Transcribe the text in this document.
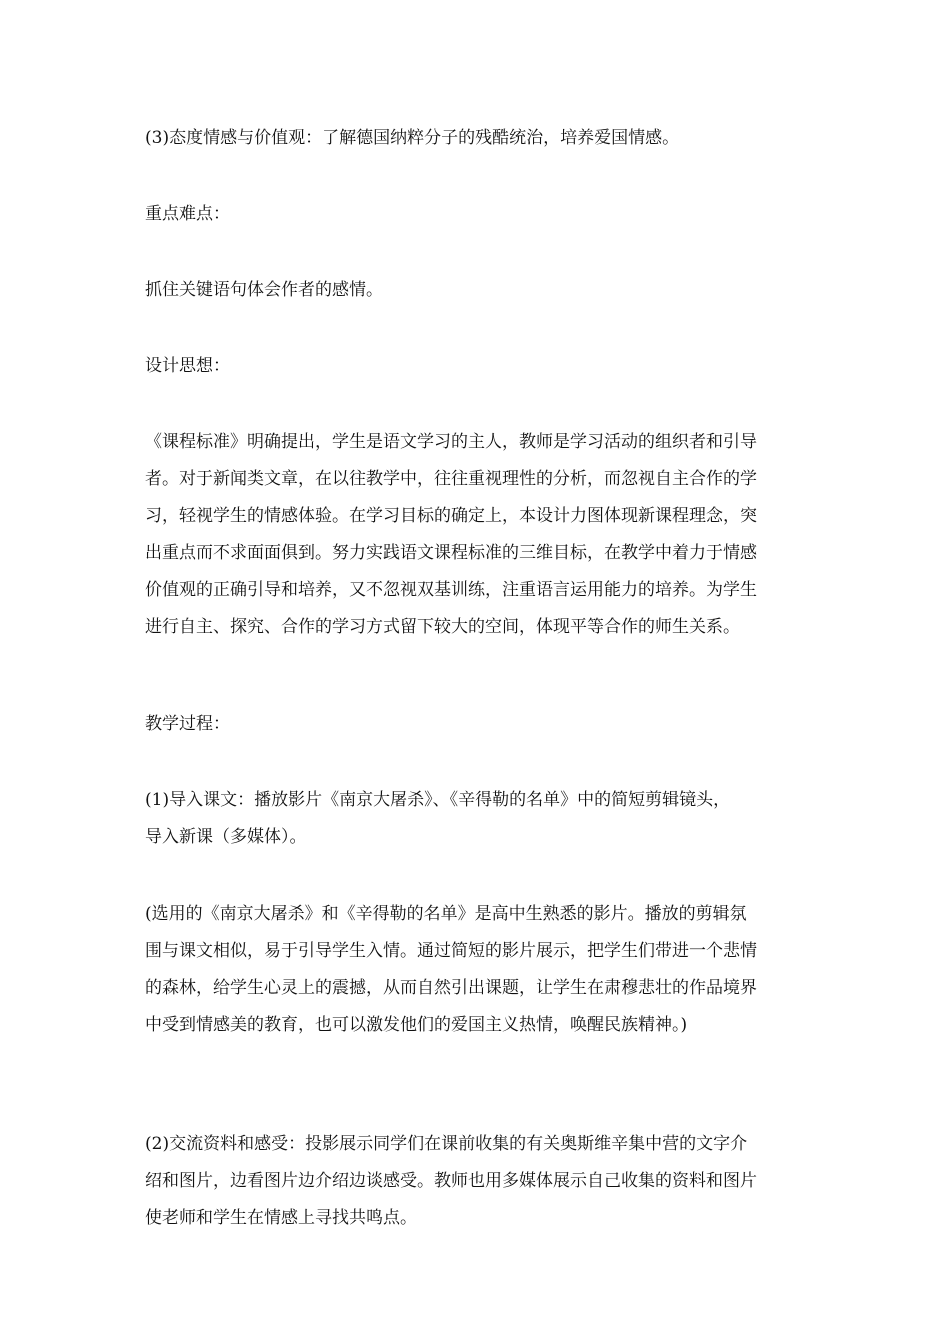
(3)态度情感与价值观：了解德国纳粹分子的残酷统治，培养爱国情感。

重点难点：

抓住关键语句体会作者的感情。

设计思想：

《课程标准》明确提出，学生是语文学习的主人，教师是学习活动的组织者和引导
者。对于新闻类文章，在以往教学中，往往重视理性的分析，而忽视自主合作的学
习，轻视学生的情感体验。在学习目标的确定上，本设计力图体现新课程理念，突
出重点而不求面面俱到。努力实践语文课程标准的三维目标，在教学中着力于情感
价值观的正确引导和培养，又不忽视双基训练，注重语言运用能力的培养。为学生
进行自主、探究、合作的学习方式留下较大的空间，体现平等合作的师生关系。

教学过程：

(1)导入课文：播放影片《南京大屠杀》、《辛得勒的名单》中的简短剪辑镜头，
导入新课（多媒体）。

(选用的《南京大屠杀》和《辛得勒的名单》是高中生熟悉的影片。播放的剪辑氛
围与课文相似，易于引导学生入情。通过简短的影片展示，把学生们带进一个悲情
的森林，给学生心灵上的震撼，从而自然引出课题，让学生在肃穆悲壮的作品境界
中受到情感美的教育，也可以激发他们的爱国主义热情，唤醒民族精神。)

(2)交流资料和感受：投影展示同学们在课前收集的有关奥斯维辛集中营的文字介
绍和图片，边看图片边介绍边谈感受。教师也用多媒体展示自己收集的资料和图片
使老师和学生在情感上寻找共鸣点。
